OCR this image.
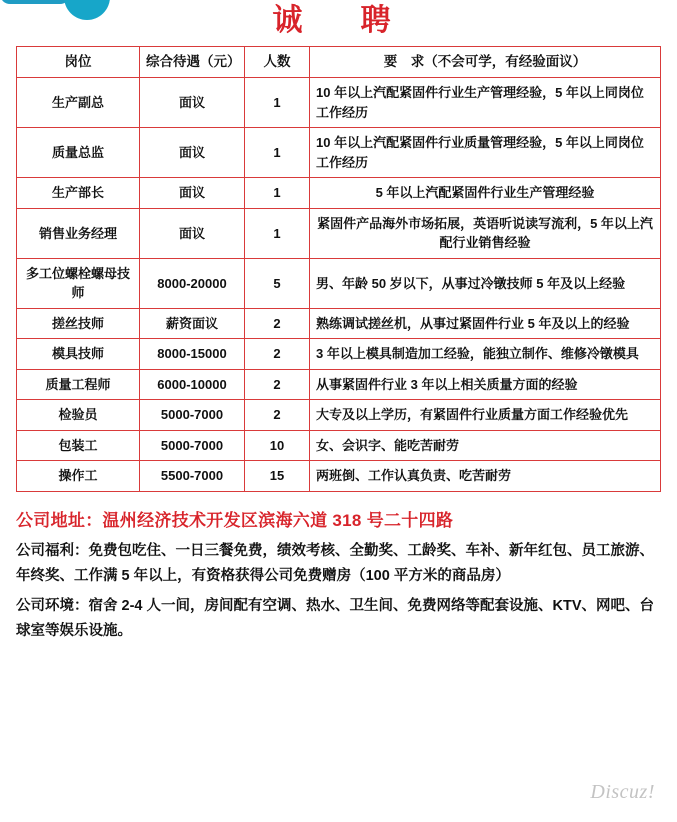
诚　聘
岗位	综合待遇（元）	人数	要　求（不会可学，有经验面议）
生产副总	面议	1	10 年以上汽配紧固件行业生产管理经验，5 年以上同岗位工作经历
质量总监	面议	1	10 年以上汽配紧固件行业质量管理经验，5 年以上同岗位工作经历
生产部长	面议	1	5 年以上汽配紧固件行业生产管理经验
销售业务经理	面议	1	紧固件产品海外市场拓展，英语听说读写流利，5 年以上汽配行业销售经验
多工位螺栓螺母技师	8000-20000	5	男、年龄 50 岁以下，从事过冷镦技师 5 年及以上经验
搓丝技师	薪资面议	2	熟练调试搓丝机，从事过紧固件行业 5 年及以上的经验
模具技师	8000-15000	2	3 年以上模具制造加工经验，能独立制作、维修冷镦模具
质量工程师	6000-10000	2	从事紧固件行业 3 年以上相关质量方面的经验
检验员	5000-7000	2	大专及以上学历，有紧固件行业质量方面工作经验优先
包装工	5000-7000	10	女、会识字、能吃苦耐劳
操作工	5500-7000	15	两班倒、工作认真负责、吃苦耐劳
公司地址：温州经济技术开发区滨海六道 318 号二十四路
公司福利：免费包吃住、一日三餐免费，绩效考核、全勤奖、工龄奖、车补、新年红包、员工旅游、年终奖、工作满 5 年以上，有资格获得公司免费赠房（100 平方米的商品房）
公司环境：宿舍 2-4 人一间，房间配有空调、热水、卫生间、免费网络等配套设施、KTV、网吧、台球室等娱乐设施。
Discuz!
